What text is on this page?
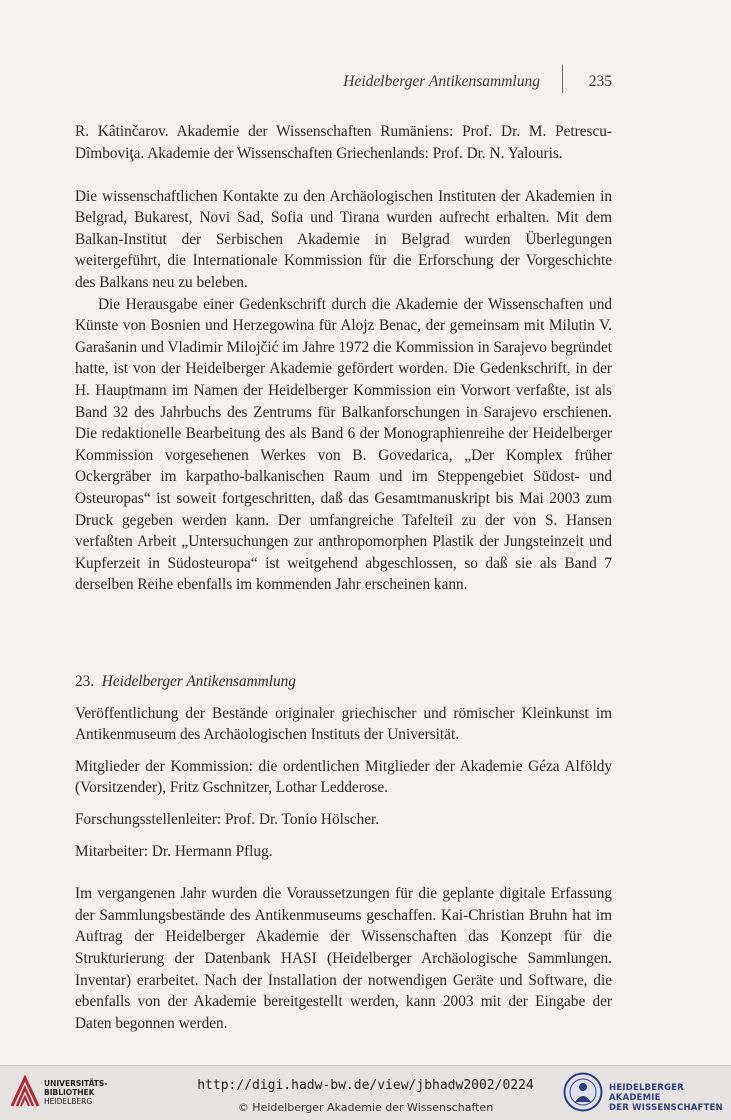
Heidelberger Antikensammlung	235

R. Kâtinčarov. Akademie der Wissenschaften Rumäniens: Prof. Dr. M. Petrescu-Dîmboviţa. Akademie der Wissenschaften Griechenlands: Prof. Dr. N. Yalouris.

Die wissenschaftlichen Kontakte zu den Archäologischen Instituten der Akademien in Belgrad, Bukarest, Novi Sad, Sofia und Tirana wurden aufrecht erhalten. Mit dem Balkan-Institut der Serbischen Akademie in Belgrad wurden Überlegungen weitergeführt, die Internationale Kommission für die Erforschung der Vorgeschichte des Balkans neu zu beleben.

Die Herausgabe einer Gedenkschrift durch die Akademie der Wissenschaften und Künste von Bosnien und Herzegowina für Alojz Benac, der gemeinsam mit Milutin V. Garašanin und Vladimir Milojčić im Jahre 1972 die Kommission in Sarajevo begründet hatte, ist von der Heidelberger Akademie gefördert worden. Die Gedenkschrift, in der H. Hauptmann im Namen der Heidelberger Kommission ein Vorwort verfaßte, ist als Band 32 des Jahrbuchs des Zentrums für Balkanforschungen in Sarajevo erschienen. Die redaktionelle Bearbeitung des als Band 6 der Monographienreihe der Heidelberger Kommission vorgesehenen Werkes von B. Govedarica, „Der Komplex früher Ockergräber im karpatho-balkanischen Raum und im Steppengebiet Südost- und Osteuropas“ ist soweit fortgeschritten, daß das Gesamtmanuskript bis Mai 2003 zum Druck gegeben werden kann. Der umfangreiche Tafelteil zu der von S. Hansen verfaßten Arbeit „Untersuchungen zur anthropomorphen Plastik der Jungsteinzeit und Kupferzeit in Südosteuropa“ ist weitgehend abgeschlossen, so daß sie als Band 7 derselben Reihe ebenfalls im kommenden Jahr erscheinen kann.

23. Heidelberger Antikensammlung

Veröffentlichung der Bestände originaler griechischer und römischer Kleinkunst im Antikenmuseum des Archäologischen Instituts der Universität.

Mitglieder der Kommission: die ordentlichen Mitglieder der Akademie Géza Alföldy (Vorsitzender), Fritz Gschnitzer, Lothar Ledderose.

Forschungsstellenleiter: Prof. Dr. Tonio Hölscher.

Mitarbeiter: Dr. Hermann Pflug.

Im vergangenen Jahr wurden die Voraussetzungen für die geplante digitale Erfassung der Sammlungsbestände des Antikenmuseums geschaffen. Kai-Christian Bruhn hat im Auftrag der Heidelberger Akademie der Wissenschaften das Konzept für die Strukturierung der Datenbank HASI (Heidelberger Archäologische Sammlungen. Inventar) erarbeitet. Nach der Installation der notwendigen Geräte und Software, die ebenfalls von der Akademie bereitgestellt werden, kann 2003 mit der Eingabe der Daten begonnen werden.

UNIVERSITÄTS-
BIBLIOTHEK
HEIDELBERG
http://digi.hadw-bw.de/view/jbhadw2002/0224
© Heidelberger Akademie der Wissenschaften
HEIDELBERGER AKADEMIE
DER WISSENSCHAFTEN
